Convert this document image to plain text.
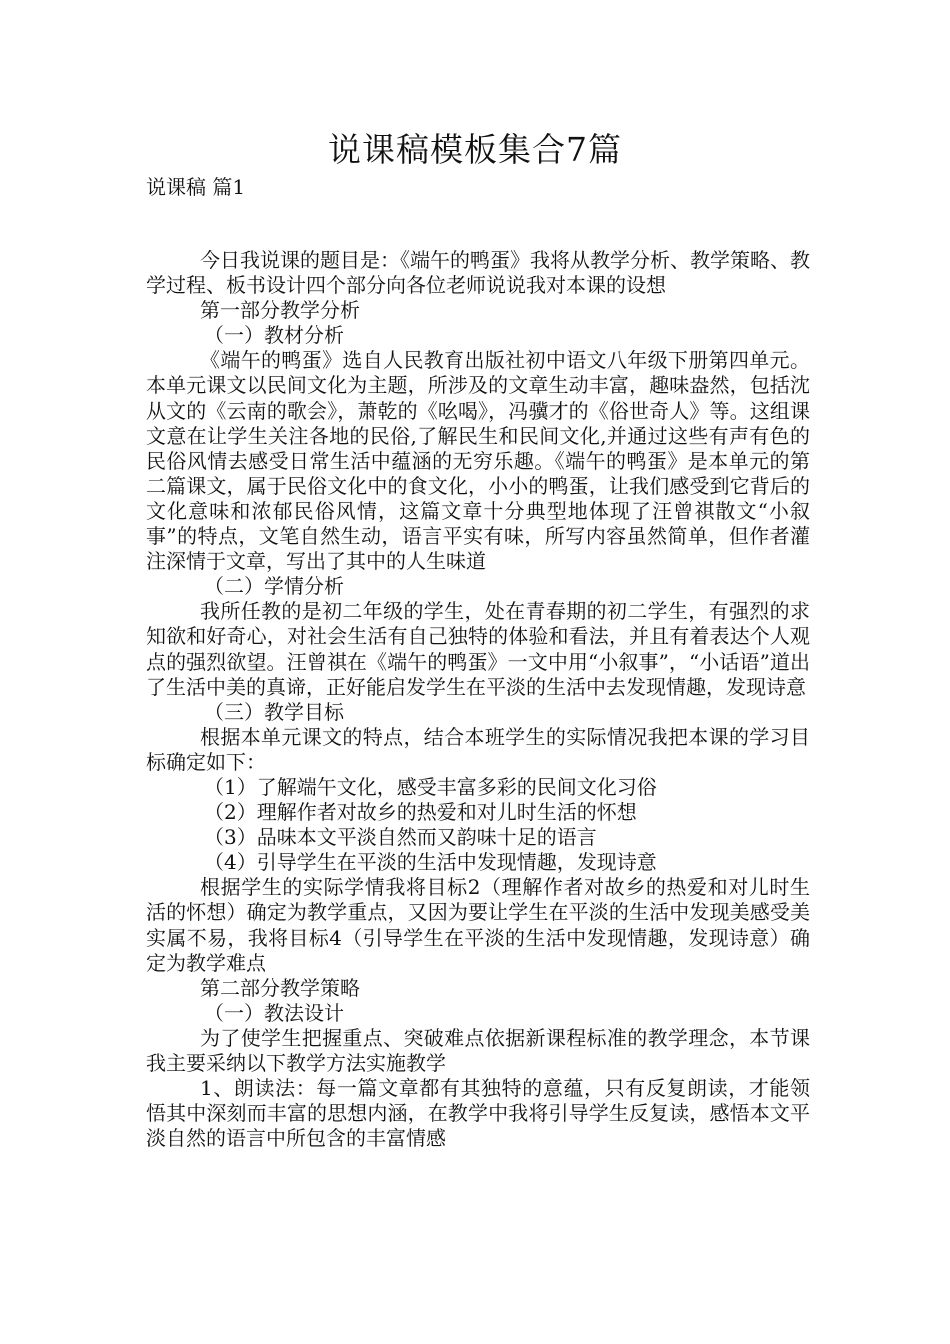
说课稿模板集合7篇
说课稿 篇1

今日我说课的题目是：《端午的鸭蛋》我将从教学分析、教学策略、教学过程、板书设计四个部分向各位老师说说我对本课的设想

第一部分教学分析

（一）教材分析

《端午的鸭蛋》选自人民教育出版社初中语文八年级下册第四单元。本单元课文以民间文化为主题，所涉及的文章生动丰富，趣味盎然，包括沈从文的《云南的歌会》，萧乾的《吆喝》，冯骥才的《俗世奇人》等。这组课文意在让学生关注各地的民俗,了解民生和民间文化,并通过这些有声有色的民俗风情去感受日常生活中蕴涵的无穷乐趣。《端午的鸭蛋》是本单元的第二篇课文，属于民俗文化中的食文化，小小的鸭蛋，让我们感受到它背后的文化意味和浓郁民俗风情，这篇文章十分典型地体现了汪曾祺散文“小叙事”的特点，文笔自然生动，语言平实有味，所写内容虽然简单，但作者灌注深情于文章，写出了其中的人生味道

（二）学情分析

我所任教的是初二年级的学生，处在青春期的初二学生，有强烈的求知欲和好奇心，对社会生活有自己独特的体验和看法，并且有着表达个人观点的强烈欲望。汪曾祺在《端午的鸭蛋》一文中用“小叙事”，“小话语”道出了生活中美的真谛，正好能启发学生在平淡的生活中去发现情趣，发现诗意

（三）教学目标

根据本单元课文的特点，结合本班学生的实际情况我把本课的学习目标确定如下：

（1）了解端午文化，感受丰富多彩的民间文化习俗

（2）理解作者对故乡的热爱和对儿时生活的怀想

（3）品味本文平淡自然而又韵味十足的语言

（4）引导学生在平淡的生活中发现情趣，发现诗意

根据学生的实际学情我将目标2（理解作者对故乡的热爱和对儿时生活的怀想）确定为教学重点，又因为要让学生在平淡的生活中发现美感受美实属不易，我将目标4（引导学生在平淡的生活中发现情趣，发现诗意）确定为教学难点

第二部分教学策略

（一）教法设计

为了使学生把握重点、突破难点依据新课程标准的教学理念，本节课我主要采纳以下教学方法实施教学

1、朗读法：每一篇文章都有其独特的意蕴，只有反复朗读，才能领悟其中深刻而丰富的思想内涵，在教学中我将引导学生反复读，感悟本文平淡自然的语言中所包含的丰富情感
